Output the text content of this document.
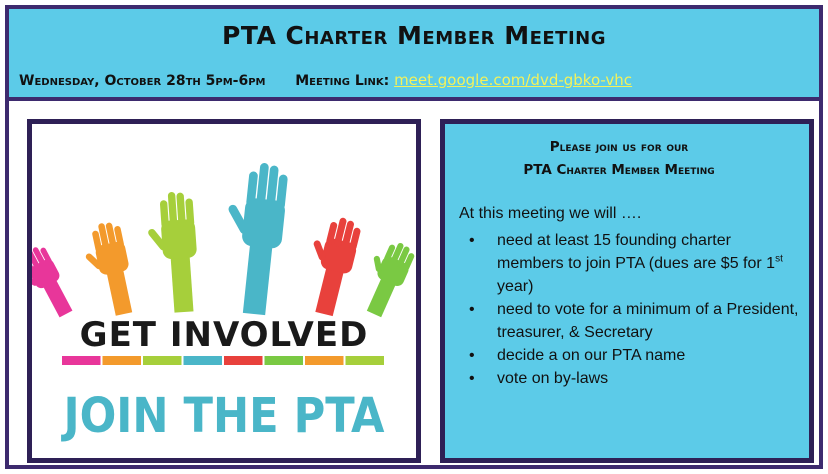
PTA Charter Member Meeting
Wednesday, October 28th 5pm-6pm Meeting Link: meet.google.com/dvd-gbko-vhc
GET INVOLVED
JOIN THE PTA
Please join us for our
PTA Charter Member Meeting
At this meeting we will ….
• need at least 15 founding charter members to join PTA (dues are $5 for 1st year)
• need to vote for a minimum of a President, treasurer, & Secretary
• decide a on our PTA name
• vote on by-laws
